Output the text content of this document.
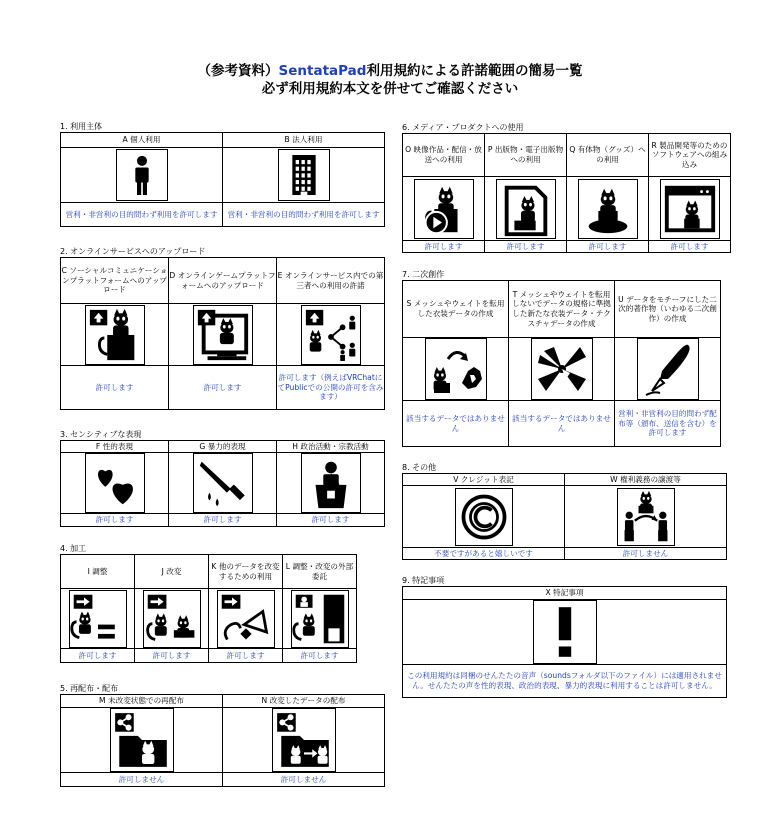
（参考資料）SentataPad利用規約による許諾範囲の簡易一覧
必ず利用規約本文を併せてご確認ください
1. 利用主体
A 個人利用	B 法人利用

営利・非営利の目的問わず利用を許可します	営利・非営利の目的問わず利用を許可します
2. オンラインサービスへのアップロード
C ソーシャルコミュニケーションプラットフォームへのアップロード	D オンラインゲームプラットフォームへのアップロード	E オンラインサービス内での第三者への利用の許諾

許可します	許可します	許可します（例えばVRChatにてPublicでの公開の許可を含みます）
3. センシティブな表現
F 性的表現	G 暴力的表現	H 政治活動・宗教活動

許可します	許可します	許可します
4. 加工
I 調整	J 改変	K 他のデータを改変するための利用	L 調整・改変の外部委託

許可します	許可します	許可します	許可します
5. 再配布・配布
M 未改変状態での再配布	N 改変したデータの配布

許可しません	許可しません
6. メディア・プロダクトへの使用
O 映像作品・配信・放送への利用	P 出版物・電子出版物への利用	Q 有体物（グッズ）への利用	R 製品開発等のためのソフトウェアへの組み込み

許可します	許可します	許可します	許可します
7. 二次創作
S メッシュやウェイトを転用した衣装データの作成	T メッシュやウェイトを転用しないでデータの規格に準拠した新たな衣装データ・テクスチャデータの作成	U データをモチーフにした二次的著作物（いわゆる二次創作）の作成

該当するデータではありません	該当するデータではありません	営利・非営利の目的問わず配布等（頒布、送信を含む）を許可します
8. その他
V クレジット表記	W 権利義務の譲渡等

不要ですがあると嬉しいです	許可しません
9. 特記事項
X 特記事項

この利用規約は同梱のせんたたの音声（soundsフォルダ以下のファイル）には適用されません。せんたたの声を性的表現、政治的表現、暴力的表現に利用することは許可しません。
